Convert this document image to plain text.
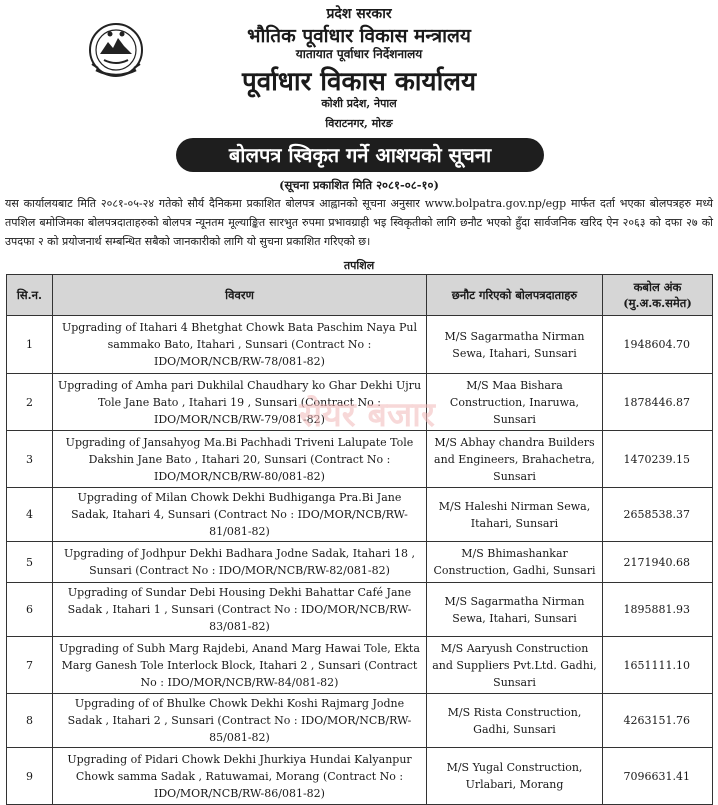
प्रदेश सरकार
भौतिक पूर्वाधार विकास मन्त्रालय
यातायात पूर्वाधार निर्देशनालय
पूर्वाधार विकास कार्यालय
कोशी प्रदेश, नेपाल
विराटनगर, मोरङ
बोलपत्र स्विकृत गर्ने आशयको सूचना
(सूचना प्रकाशित मिति २०८१-०८-१०)
यस कार्यालयबाट मिति २०८१-०५-२४ गतेको सौर्य दैनिकमा प्रकाशित बोलपत्र आह्वानको सूचना अनुसार www.bolpatra.gov.np/egp मार्फत दर्ता भएका बोलपत्रहरु मध्ये तपशिल बमोजिमका बोलपत्रदाताहरुको बोलपत्र न्यूनतम मूल्याङ्कित सारभुत रुपमा प्रभावग्राही भइ स्विकृतीको लागि छनौट भएको हुँदा सार्वजनिक खरिद ऐन २०६३ को दफा २७ को उपदफा २ को प्रयोजनार्थ सम्बन्धित सबैको जानकारीको लागि यो सुचना प्रकाशित गरिएको छ।
तपशिल
सि.न.	विवरण	छनौट गरिएको बोलपत्रदाताहरु	कबोल अंक
(मु.अ.क.समेत)
1	Upgrading of Itahari 4 Bhetghat Chowk Bata Paschim Naya Pul sammako Bato, Itahari , Sunsari (Contract No : IDO/MOR/NCB/RW-78/081-82)	M/S Sagarmatha Nirman Sewa, Itahari, Sunsari	1948604.70
2	Upgrading of Amha pari Dukhilal Chaudhary ko Ghar Dekhi Ujru Tole Jane Bato , Itahari 19 , Sunsari (Contract No : IDO/MOR/NCB/RW-79/081-82)	M/S Maa Bishara Construction, Inaruwa, Sunsari	1878446.87
3	Upgrading of Jansahyog Ma.Bi Pachhadi Triveni Lalupate Tole Dakshin Jane Bato , Itahari 20, Sunsari (Contract No : IDO/MOR/NCB/RW-80/081-82)	M/S Abhay chandra Builders and Engineers, Brahachetra, Sunsari	1470239.15
4	Upgrading of Milan Chowk Dekhi Budhiganga Pra.Bi Jane Sadak, Itahari 4, Sunsari (Contract No : IDO/MOR/NCB/RW-81/081-82)	M/S Haleshi Nirman Sewa, Itahari, Sunsari	2658538.37
5	Upgrading of Jodhpur Dekhi Badhara Jodne Sadak, Itahari 18 , Sunsari (Contract No : IDO/MOR/NCB/RW-82/081-82)	M/S Bhimashankar Construction, Gadhi, Sunsari	2171940.68
6	Upgrading of Sundar Debi Housing Dekhi Bahattar Café Jane Sadak , Itahari 1 , Sunsari (Contract No : IDO/MOR/NCB/RW-83/081-82)	M/S Sagarmatha Nirman Sewa, Itahari, Sunsari	1895881.93
7	Upgrading of Subh Marg Rajdebi, Anand Marg Hawai Tole, Ekta Marg Ganesh Tole Interlock Block, Itahari 2 , Sunsari (Contract No : IDO/MOR/NCB/RW-84/081-82)	M/S Aaryush Construction and Suppliers Pvt.Ltd. Gadhi, Sunsari	1651111.10
8	Upgrading of of Bhulke Chowk Dekhi Koshi Rajmarg Jodne Sadak , Itahari 2 , Sunsari (Contract No : IDO/MOR/NCB/RW-85/081-82)	M/S Rista Construction, Gadhi, Sunsari	4263151.76
9	Upgrading of Pidari Chowk Dekhi Jhurkiya Hundai Kalyanpur Chowk samma Sadak , Ratuwamai, Morang (Contract No : IDO/MOR/NCB/RW-86/081-82)	M/S Yugal Construction, Urlabari, Morang	7096631.41
सेयर बजार
